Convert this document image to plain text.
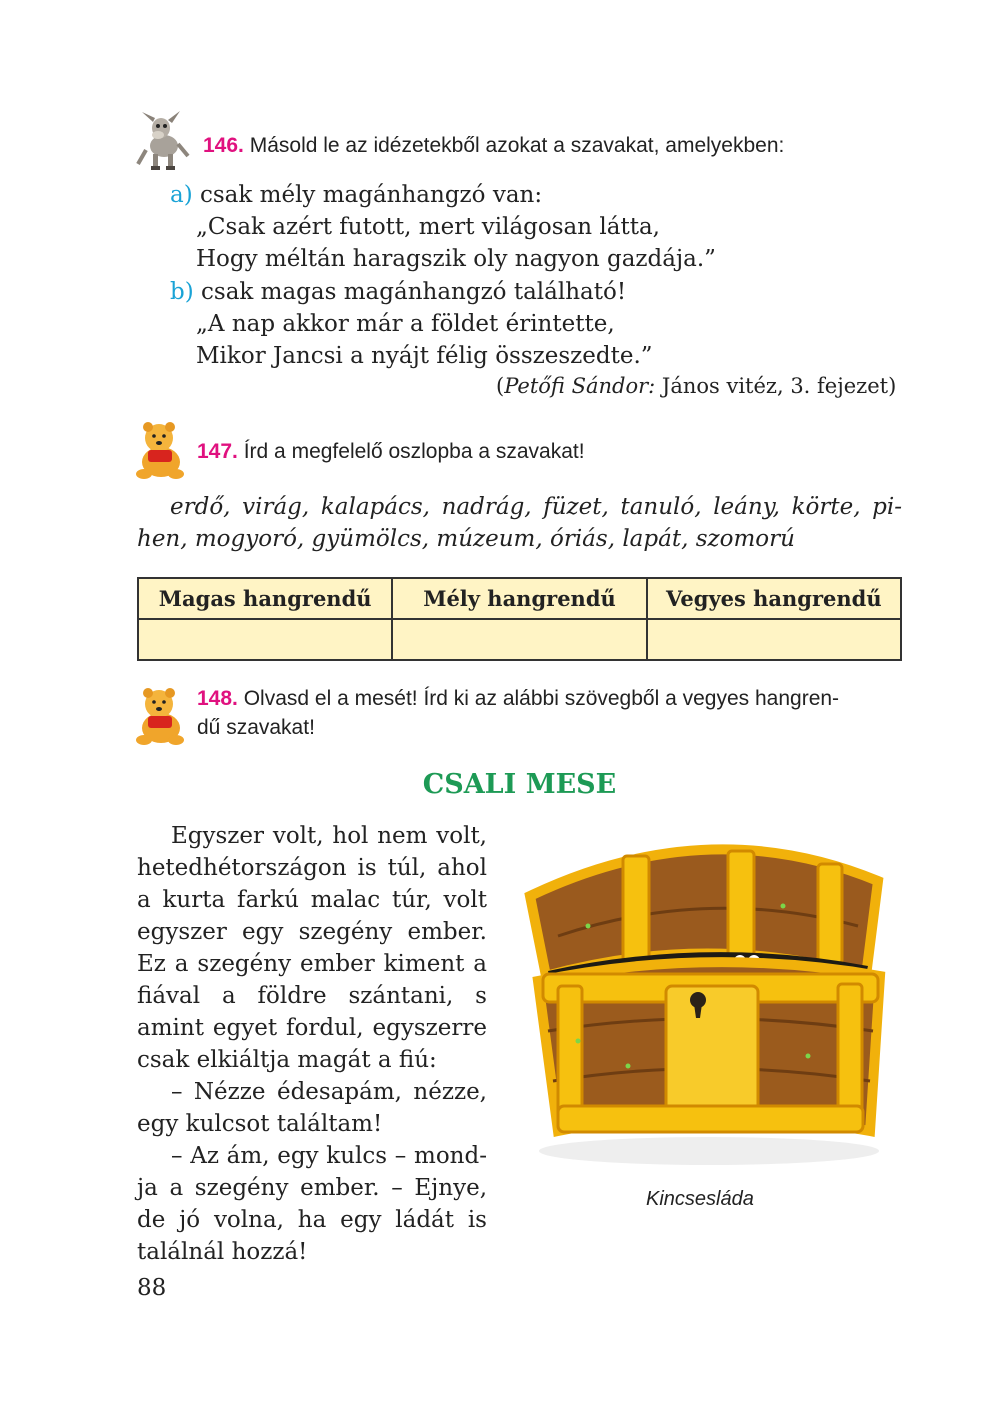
146. Másold le az idézetekből azokat a szavakat, amelyekben:
a) csak mély magánhangzó van:
„Csak azért futott, mert világosan látta,
Hogy méltán haragszik oly nagyon gazdája.”
b) csak magas magánhangzó található!
„A nap akkor már a földet érintette,
Mikor Jancsi a nyájt félig összeszedte.”
(Petőfi Sándor: János vitéz, 3. fejezet)
147. Írd a megfelelő oszlopba a szavakat!
erdő, virág, kalapács, nadrág, füzet, tanuló, leány, körte, pi-
hen, mogyoró, gyümölcs, múzeum, óriás, lapát, szomorú
Magas hangrendű	Mély hangrendű	Vegyes hangrendű

148. Olvasd el a mesét! Írd ki az alábbi szövegből a vegyes hangren-
dű szavakat!
CSALI MESE

Egyszer volt, hol nem volt, hetedhétországon is túl, ahol a kurta farkú malac túr, volt egyszer egy szegény ember. Ez a szegény ember kiment a fiával a földre szántani, s amint egyet fordul, egyszerre csak elkiáltja magát a fiú:

– Nézze édesapám, nézze, egy kulcsot találtam!

– Az ám, egy kulcs – mondja a szegény ember. – Ejnye, de jó volna, ha egy ládát is találnál hozzá!

Kincsesláda
88
